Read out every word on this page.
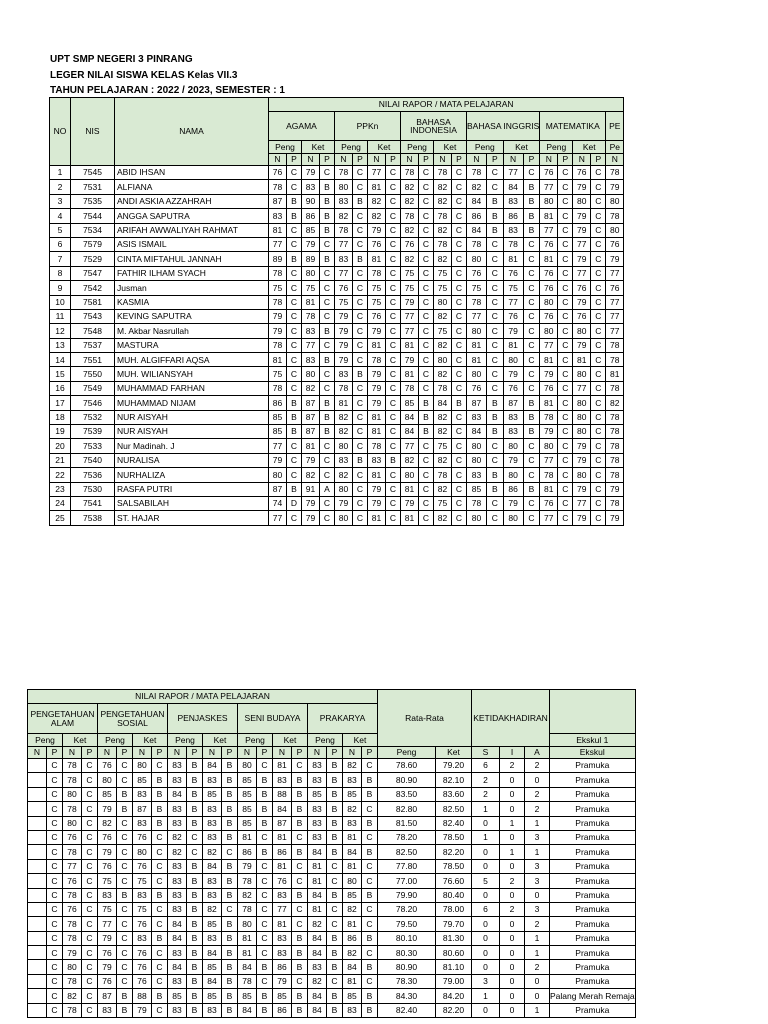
UPT SMP NEGERI 3 PINRANG
LEGER NILAI SISWA KELAS Kelas VII.3
TAHUN PELAJARAN : 2022 / 2023, SEMESTER : 1
NO	NIS	NAMA	NILAI RAPOR / MATA PELAJARAN																				
			AGAMA				PPKn				BAHASA INDONESIA				BAHASA INGGRIS				MATEMATIKA				PE
			Peng		Ket		Peng		Ket		Peng		Ket		Peng		Ket		Peng		Ket		Pe
			N	P	N	P	N	P	N	P	N	P	N	P	N	P	N	P	N	P	N	P	N
1	7545	ABID IHSAN	76	C	79	C	78	C	77	C	78	C	78	C	78	C	77	C	76	C	76	C	78
2	7531	ALFIANA	78	C	83	B	80	C	81	C	82	C	82	C	82	C	84	B	77	C	79	C	79
3	7535	ANDI ASKIA AZZAHRAH	87	B	90	B	83	B	82	C	82	C	82	C	84	B	83	B	80	C	80	C	80
4	7544	ANGGA SAPUTRA	83	B	86	B	82	C	82	C	78	C	78	C	86	B	86	B	81	C	79	C	78
5	7534	ARIFAH AWWALIYAH RAHMAT	81	C	85	B	78	C	79	C	82	C	82	C	84	B	83	B	77	C	79	C	80
6	7579	ASIS ISMAIL	77	C	79	C	77	C	76	C	76	C	78	C	78	C	78	C	76	C	77	C	76
7	7529	CINTA MIFTAHUL JANNAH	89	B	89	B	83	B	81	C	82	C	82	C	80	C	81	C	81	C	79	C	79
8	7547	FATHIR ILHAM SYACH	78	C	80	C	77	C	78	C	75	C	75	C	76	C	76	C	76	C	77	C	77
9	7542	Jusman	75	C	75	C	76	C	75	C	75	C	75	C	75	C	75	C	76	C	76	C	76
10	7581	KASMIA	78	C	81	C	75	C	75	C	79	C	80	C	78	C	77	C	80	C	79	C	77
11	7543	KEVING SAPUTRA	79	C	78	C	79	C	76	C	77	C	82	C	77	C	76	C	76	C	76	C	77
12	7548	M. Akbar Nasrullah	79	C	83	B	79	C	79	C	77	C	75	C	80	C	79	C	80	C	80	C	77
13	7537	MASTURA	78	C	77	C	79	C	81	C	81	C	82	C	81	C	81	C	77	C	79	C	78
14	7551	MUH. ALGIFFARI AQSA	81	C	83	B	79	C	78	C	79	C	80	C	81	C	80	C	81	C	81	C	78
15	7550	MUH. WILIANSYAH	75	C	80	C	83	B	79	C	81	C	82	C	80	C	79	C	79	C	80	C	81
16	7549	MUHAMMAD FARHAN	78	C	82	C	78	C	79	C	78	C	78	C	76	C	76	C	76	C	77	C	78
17	7546	MUHAMMAD NIJAM	86	B	87	B	81	C	79	C	85	B	84	B	87	B	87	B	81	C	80	C	82
18	7532	NUR AISYAH	85	B	87	B	82	C	81	C	84	B	82	C	83	B	83	B	78	C	80	C	78
19	7539	NUR AISYAH	85	B	87	B	82	C	81	C	84	B	82	C	84	B	83	B	79	C	80	C	78
20	7533	Nur Madinah. J	77	C	81	C	80	C	78	C	77	C	75	C	80	C	80	C	80	C	79	C	78
21	7540	NURALISA	79	C	79	C	83	B	83	B	82	C	82	C	80	C	79	C	77	C	79	C	78
22	7536	NURHALIZA	80	C	82	C	82	C	81	C	80	C	78	C	83	B	80	C	78	C	80	C	78
23	7530	RASFA PUTRI	87	B	91	A	80	C	79	C	81	C	82	C	85	B	86	B	81	C	79	C	79
24	7541	SALSABILAH	74	D	79	C	79	C	79	C	79	C	75	C	78	C	79	C	76	C	77	C	78
25	7538	ST. HAJAR	77	C	79	C	80	C	81	C	81	C	82	C	80	C	80	C	77	C	79	C	79
NILAI RAPOR / MATA PELAJARAN																				Rata-Rata		KETIDAKHADIRAN			
PENGETAHUAN ALAM				PENGETAHUAN SOSIAL				PENJASKES				SENI BUDAYA				PRAKARYA									
Peng		Ket		Peng		Ket		Peng		Ket		Peng		Ket		Peng		Ket							Ekskul 1
N	P	N	P	N	P	N	P	N	P	N	P	N	P	N	P	N	P	N	P	Peng	Ket	S	I	A	Ekskul
	C	78	C	76	C	80	C	83	B	84	B	80	C	81	C	83	B	82	C	78.60	79.20	6	2	2	Pramuka
	C	78	C	80	C	85	B	83	B	83	B	85	B	83	B	83	B	83	B	80.90	82.10	2	0	0	Pramuka
	C	80	C	85	B	83	B	84	B	85	B	85	B	88	B	85	B	85	B	83.50	83.60	2	0	2	Pramuka
	C	78	C	79	B	87	B	83	B	83	B	85	B	84	B	83	B	82	C	82.80	82.50	1	0	2	Pramuka
	C	80	C	82	C	83	B	83	B	83	B	85	B	87	B	83	B	83	B	81.50	82.40	0	1	1	Pramuka
	C	76	C	76	C	76	C	82	C	83	B	81	C	81	C	83	B	81	C	78.20	78.50	1	0	3	Pramuka
	C	78	C	79	C	80	C	82	C	82	C	86	B	86	B	84	B	84	B	82.50	82.20	0	1	1	Pramuka
	C	77	C	76	C	76	C	83	B	84	B	79	C	81	C	81	C	81	C	77.80	78.50	0	0	3	Pramuka
	C	76	C	75	C	75	C	83	B	83	B	78	C	76	C	81	C	80	C	77.00	76.60	5	2	3	Pramuka
	C	78	C	83	B	83	B	83	B	83	B	82	C	83	B	84	B	85	B	79.90	80.40	0	0	0	Pramuka
	C	76	C	75	C	75	C	83	B	82	C	78	C	77	C	81	C	82	C	78.20	78.00	6	2	3	Pramuka
	C	78	C	77	C	76	C	84	B	85	B	80	C	81	C	82	C	81	C	79.50	79.70	0	0	2	Pramuka
	C	78	C	79	C	83	B	84	B	83	B	81	C	83	B	84	B	86	B	80.10	81.30	0	0	1	Pramuka
	C	79	C	76	C	76	C	83	B	84	B	81	C	83	B	84	B	82	C	80.30	80.60	0	0	1	Pramuka
	C	80	C	79	C	76	C	84	B	85	B	84	B	86	B	83	B	84	B	80.90	81.10	0	0	2	Pramuka
	C	78	C	76	C	76	C	83	B	84	B	78	C	79	C	82	C	81	C	78.30	79.00	3	0	0	Pramuka
	C	82	C	87	B	88	B	85	B	85	B	85	B	85	B	84	B	85	B	84.30	84.20	1	0	0	Palang Merah Remaja
	C	78	C	83	B	79	C	83	B	83	B	84	B	86	B	84	B	83	B	82.40	82.20	0	0	1	Pramuka
